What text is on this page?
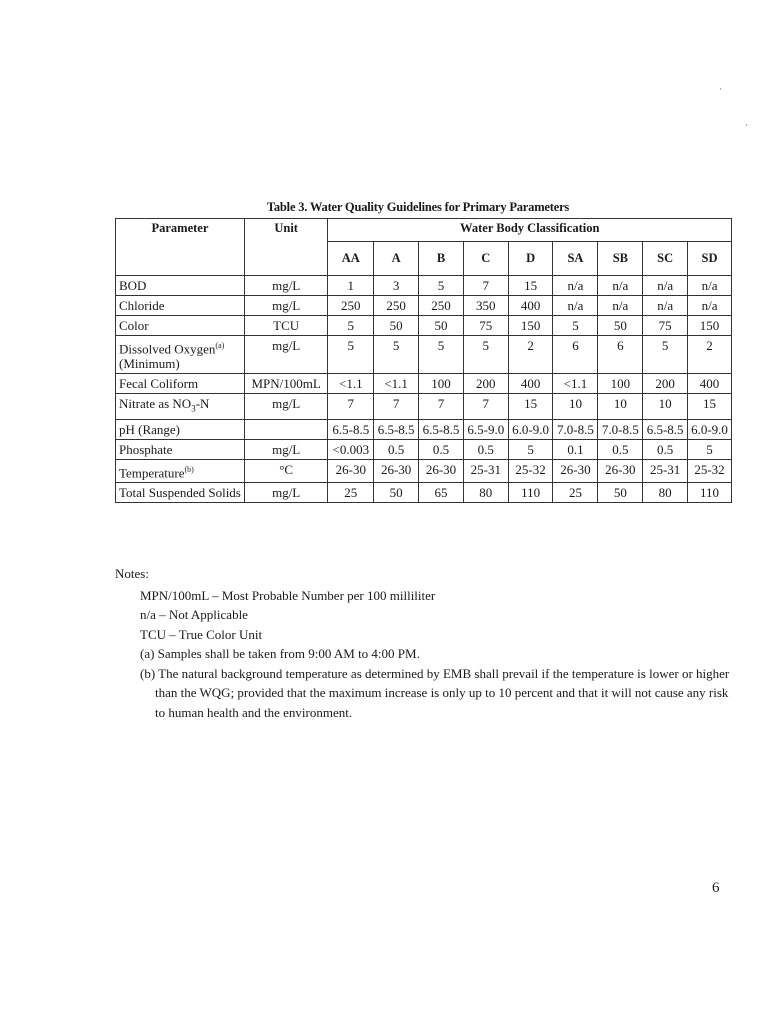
·
·
Table 3. Water Quality Guidelines for Primary Parameters
Parameter	Unit	Water Body Classification								
		AA	A	B	C	D	SA	SB	SC	SD
BOD	mg/L	1	3	5	7	15	n/a	n/a	n/a	n/a
Chloride	mg/L	250	250	250	350	400	n/a	n/a	n/a	n/a
Color	TCU	5	50	50	75	150	5	50	75	150
Dissolved Oxygen$^{(a)}$
(Minimum)	mg/L	5	5	5	5	2	6	6	5	2
Fecal Coliform	MPN/100mL	<1.1	<1.1	100	200	400	<1.1	100	200	400
Nitrate as $NO_3-N$	mg/L	7	7	7	7	15	10	10	10	15
pH (Range)		6.5-8.5	6.5-8.5	6.5-8.5	6.5-9.0	6.0-9.0	7.0-8.5	7.0-8.5	6.5-8.5	6.0-9.0
Phosphate	mg/L	<0.003	0.5	0.5	0.5	5	0.1	0.5	0.5	5
Temperature$^{(b)}$	°C	26-30	26-30	26-30	25-31	25-32	26-30	26-30	25-31	25-32
Total Suspended Solids	mg/L	25	50	65	80	110	25	50	80	110
Notes:
MPN/100mL – Most Probable Number per 100 milliliter
n/a – Not Applicable
TCU – True Color Unit
(a) Samples shall be taken from 9:00 AM to 4:00 PM.
(b) The natural background temperature as determined by EMB shall prevail if the temperature is lower or higher than the WQG; provided that the maximum increase is only up to 10 percent and that it will not cause any risk to human health and the environment.
6
